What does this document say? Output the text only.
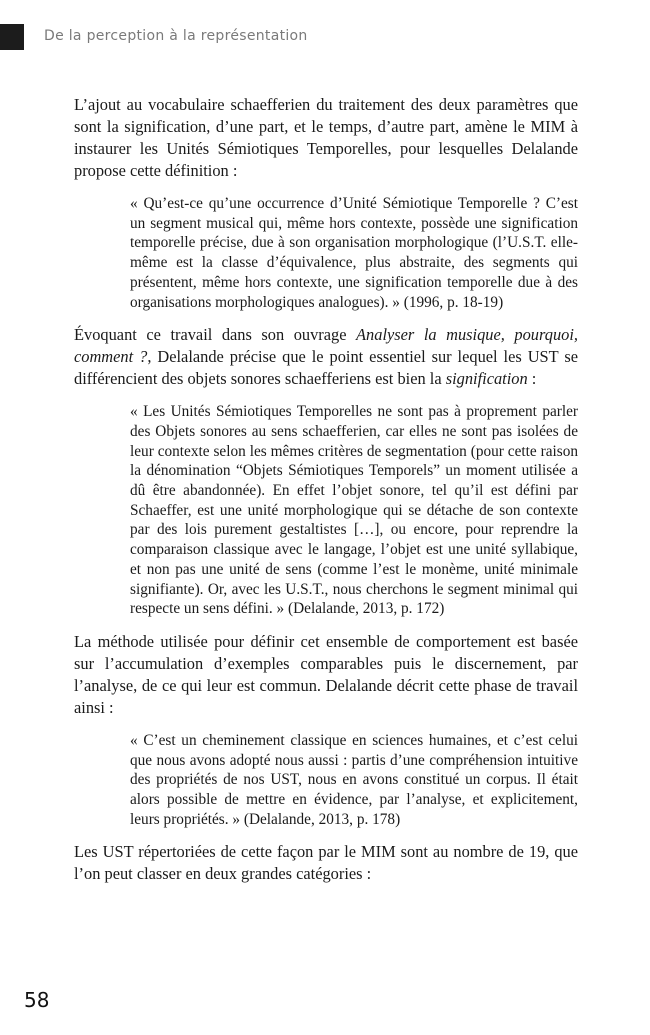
De la perception à la représentation

L’ajout au vocabulaire schaefferien du traitement des deux paramètres que sont la signification, d’une part, et le temps, d’autre part, amène le MIM à instaurer les Unités Sémiotiques Temporelles, pour lesquelles Delalande propose cette définition :

« Qu’est-ce qu’une occurrence d’Unité Sémiotique Temporelle ? C’est un segment musical qui, même hors contexte, possède une signification temporelle précise, due à son organisation morphologique (l’U.S.T. elle-même est la classe d’équivalence, plus abstraite, des segments qui présentent, même hors contexte, une signification temporelle due à des organisations morphologiques analogues). » (1996, p. 18-19)

Évoquant ce travail dans son ouvrage Analyser la musique, pourquoi, comment ?, Delalande précise que le point essentiel sur lequel les UST se différencient des objets sonores schaefferiens est bien la signification :

« Les Unités Sémiotiques Temporelles ne sont pas à proprement parler des Objets sonores au sens schaefferien, car elles ne sont pas isolées de leur contexte selon les mêmes critères de segmentation (pour cette raison la dénomination “Objets Sémiotiques Temporels” un moment utilisée a dû être abandonnée). En effet l’objet sonore, tel qu’il est défini par Schaeffer, est une unité morphologique qui se détache de son contexte par des lois purement gestaltistes […], ou encore, pour reprendre la comparaison classique avec le langage, l’objet est une unité syllabique, et non pas une unité de sens (comme l’est le monème, unité minimale signifiante). Or, avec les U.S.T., nous cherchons le segment minimal qui respecte un sens défini. » (Delalande, 2013, p. 172)

La méthode utilisée pour définir cet ensemble de comportement est basée sur l’accumulation d’exemples comparables puis le discernement, par l’analyse, de ce qui leur est commun. Delalande décrit cette phase de travail ainsi :

« C’est un cheminement classique en sciences humaines, et c’est celui que nous avons adopté nous aussi : partis d’une compréhension intuitive des propriétés de nos UST, nous en avons constitué un corpus. Il était alors possible de mettre en évidence, par l’analyse, et explicitement, leurs propriétés. » (Delalande, 2013, p. 178)

Les UST répertoriées de cette façon par le MIM sont au nombre de 19, que l’on peut classer en deux grandes catégories :

58
